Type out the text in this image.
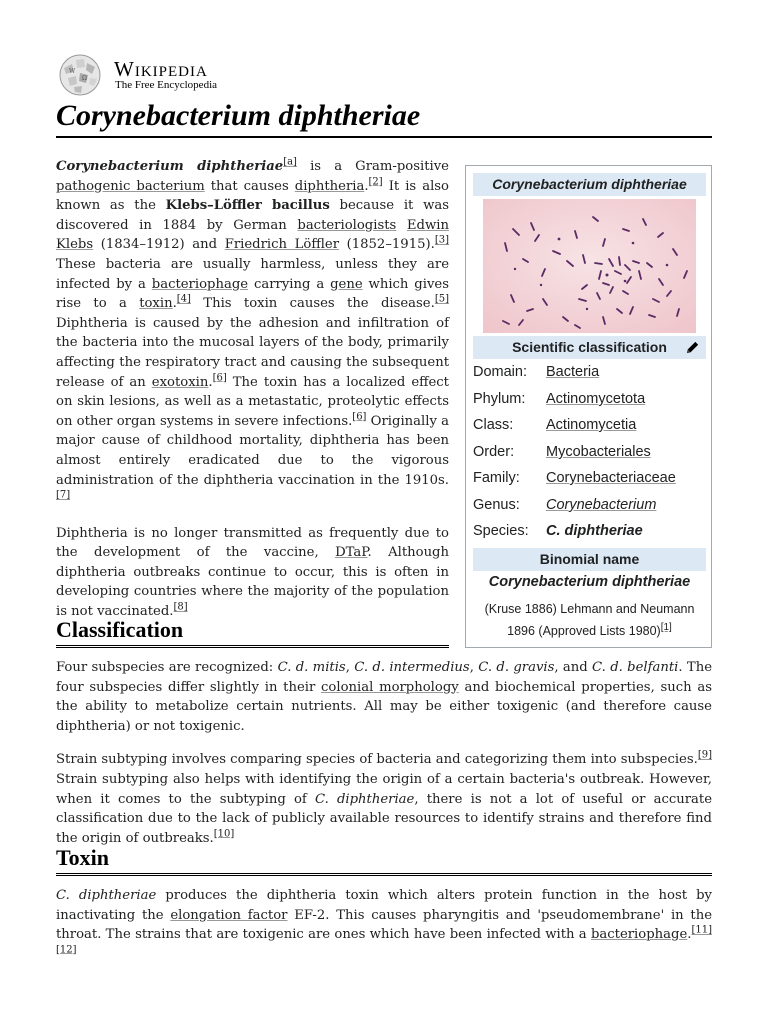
W
Ω Wikipedia
The Free Encyclopedia
Corynebacterium diphtheriae

Corynebacterium diphtheriae[a] is a Gram-positive pathogenic bacterium that causes diphtheria.[2] It is also known as the Klebs–Löffler bacillus because it was discovered in 1884 by German bacteriologists Edwin Klebs (1834–1912) and Friedrich Löffler (1852–1915).[3] These bacteria are usually harmless, unless they are infected by a bacteriophage carrying a gene which gives rise to a toxin.[4] This toxin causes the disease.[5] Diphtheria is caused by the adhesion and infiltration of the bacteria into the mucosal layers of the body, primarily affecting the respiratory tract and causing the subsequent release of an exotoxin.[6] The toxin has a localized effect on skin lesions, as well as a metastatic, proteolytic effects on other organ systems in severe infections.[6] Originally a major cause of childhood mortality, diphtheria has been almost entirely eradicated due to the vigorous administration of the diphtheria vaccination in the 1910s.[7]

Diphtheria is no longer transmitted as frequently due to the development of the vaccine, DTaP. Although diphtheria outbreaks continue to occur, this is often in developing countries where the majority of the population is not vaccinated.[8]

Corynebacterium diphtheriae
Scientific classification
Domain: Bacteria
Phylum: Actinomycetota
Class: Actinomycetia
Order: Mycobacteriales
Family: Corynebacteriaceae
Genus: Corynebacterium
Species: C. diphtheriae
Binomial name
Corynebacterium diphtheriae
(Kruse 1886) Lehmann and Neumann 1896 (Approved Lists 1980)[1]
Classification

Four subspecies are recognized: C. d. mitis, C. d. intermedius, C. d. gravis, and C. d. belfanti. The four subspecies differ slightly in their colonial morphology and biochemical properties, such as the ability to metabolize certain nutrients. All may be either toxigenic (and therefore cause diphtheria) or not toxigenic.

Strain subtyping involves comparing species of bacteria and categorizing them into subspecies.[9] Strain subtyping also helps with identifying the origin of a certain bacteria's outbreak. However, when it comes to the subtyping of C. diphtheriae, there is not a lot of useful or accurate classification due to the lack of publicly available resources to identify strains and therefore find the origin of outbreaks.[10]

Toxin

C. diphtheriae produces the diphtheria toxin which alters protein function in the host by inactivating the elongation factor EF-2. This causes pharyngitis and 'pseudomembrane' in the throat. The strains that are toxigenic are ones which have been infected with a bacteriophage.[11][12]
